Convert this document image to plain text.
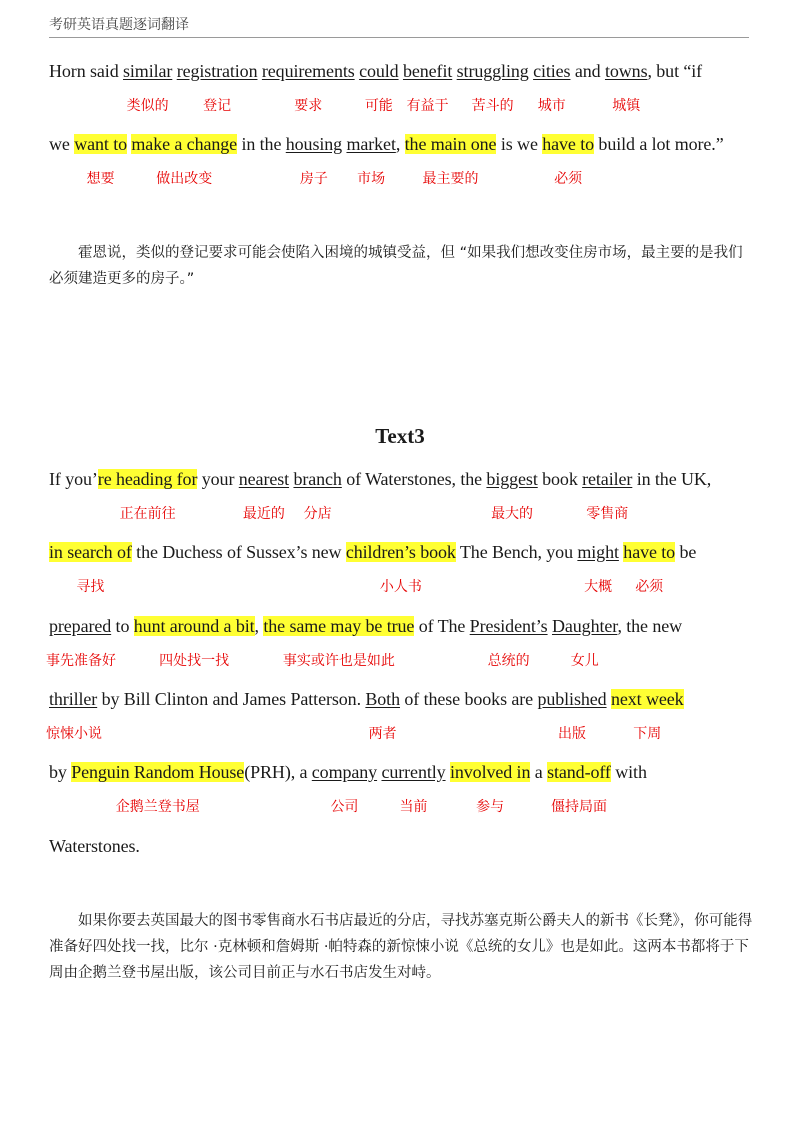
考研英语真题逐词翻译
Horn said similar registration requirements could benefit struggling cities and towns, but “if
we want to make a change in the housing market, the main one is we have to build a lot more.”
霍恩说，类似的登记要求可能会使陷入困境的城镇受益，但 “如果我们想改变住房市场，最主要的是我们必须建造更多的房子。”
Text3
If you’re heading for your nearest branch of Waterstones, the biggest book retailer in the UK,
in search of the Duchess of Sussex’s new children’s book The Bench, you might have to be
prepared to hunt around a bit, the same may be true of The President’s Daughter, the new
thriller by Bill Clinton and James Patterson. Both of these books are published next week
by Penguin Random House(PRH), a company currently involved in a stand-off with
Waterstones.
如果你要去英国最大的图书零售商水石书店最近的分店，寻找苏塞克斯公爵夫人的新书《长凳》，你可能得准备好四处找一找，比尔 ·克林顿和詹姆斯 ·帕特森的新惊悚小说《总统的女儿》也是如此。这两本书都将于下周由企鹅兰登书屋出版，该公司目前正与水石书店发生对峙。
类似的 登记	要求	可能 有益于 苦斗的 城市	城镇
想要	做出改变	房子 市场	最主要的	必须
正在前往	最近的 分店	最大的	零售商
寻找	小人书	大概 必须
事先准备好	四处找一找	事实或许也是如此	总统的	女儿
惊悚小说	两者	出版	下周
企鹅兰登书屋	公司	当前	参与	僵持局面
